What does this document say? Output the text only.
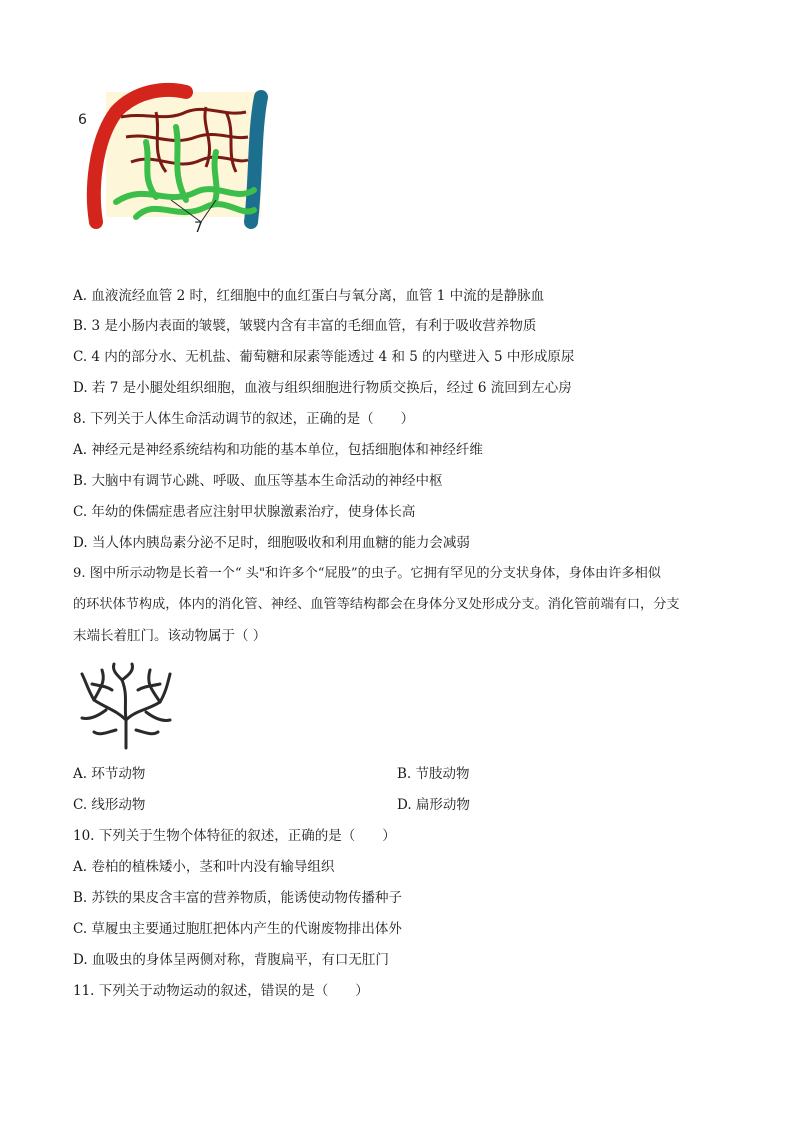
6
7
A. 血液流经血管 2 时，红细胞中的血红蛋白与氧分离，血管 1 中流的是静脉血
B. 3 是小肠内表面的皱襞，皱襞内含有丰富的毛细血管，有利于吸收营养物质
C. 4 内的部分水、无机盐、葡萄糖和尿素等能透过 4 和 5 的内壁进入 5 中形成原尿
D. 若 7 是小腿处组织细胞，血液与组织细胞进行物质交换后，经过 6 流回到左心房
8. 下列关于人体生命活动调节的叙述，正确的是（　　）
A. 神经元是神经系统结构和功能的基本单位，包括细胞体和神经纤维
B. 大脑中有调节心跳、呼吸、血压等基本生命活动的神经中枢
C. 年幼的侏儒症患者应注射甲状腺激素治疗，使身体长高
D. 当人体内胰岛素分泌不足时，细胞吸收和利用血糖的能力会减弱
9. 图中所示动物是长着一个“ 头"和许多个“屁股”的虫子。它拥有罕见的分支状身体，身体由许多相似
的环状体节构成，体内的消化管、神经、血管等结构都会在身体分叉处形成分支。消化管前端有口，分支
末端长着肛门。该动物属于（ ）
A. 环节动物	B. 节肢动物
C. 线形动物	D. 扁形动物
10. 下列关于生物个体特征的叙述，正确的是（　　）
A. 卷柏的植株矮小，茎和叶内没有输导组织
B. 苏铁的果皮含丰富的营养物质，能诱使动物传播种子
C. 草履虫主要通过胞肛把体内产生的代谢废物排出体外
D. 血吸虫的身体呈两侧对称，背腹扁平，有口无肛门
11. 下列关于动物运动的叙述，错误的是（　　）
